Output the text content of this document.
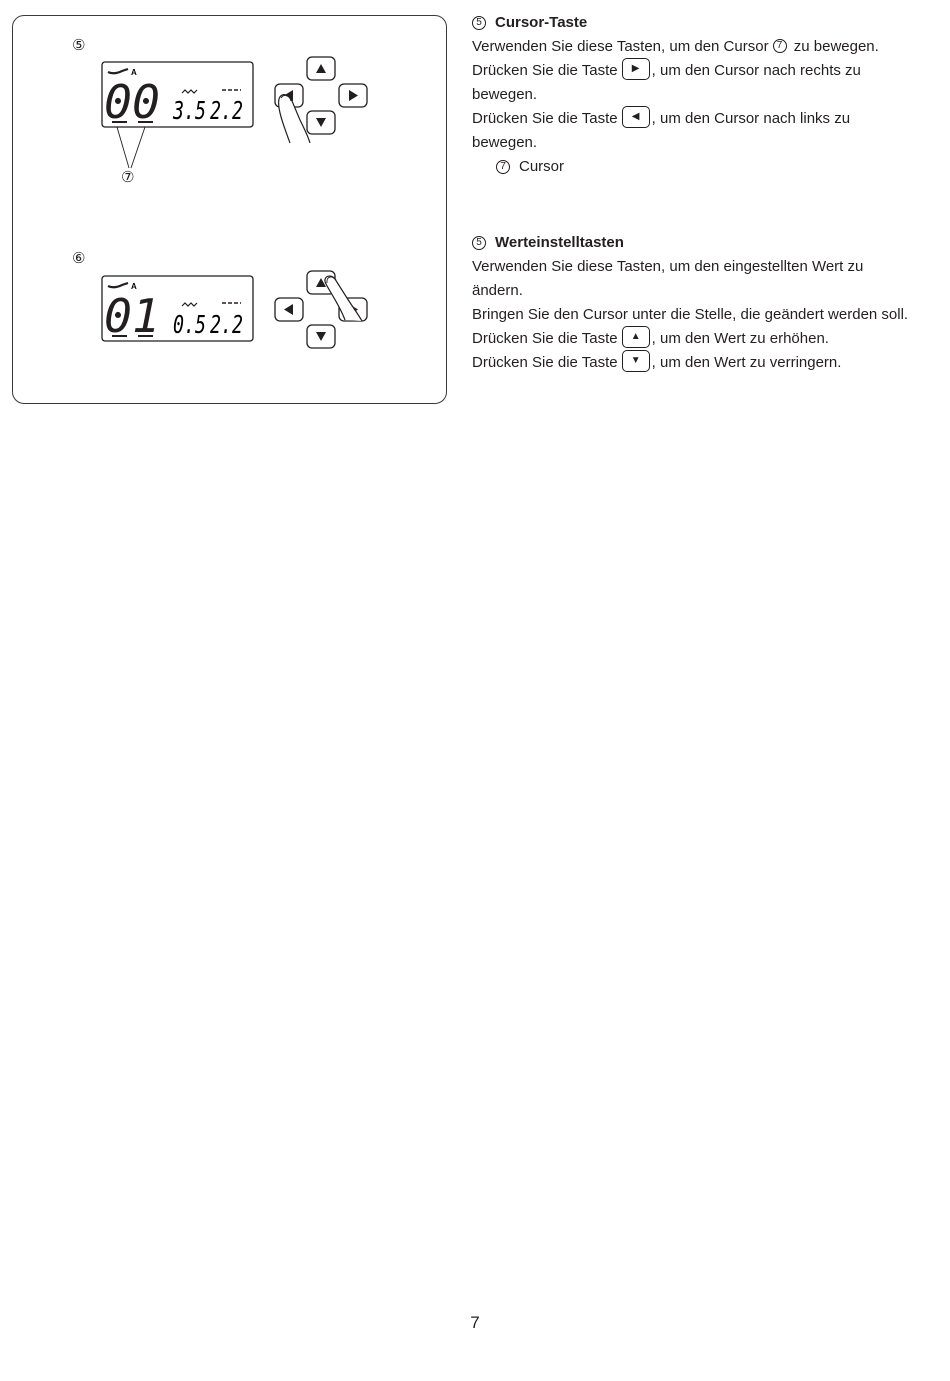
⑤
⑥
⑦
A
00 3.5 2.2
A
01 0.5 2.2
5 Cursor-Taste
Verwenden Sie diese Tasten, um den Cursor 7 zu bewegen.
Drücken Sie die Taste ▶ , um den Cursor nach rechts zu bewegen.
Drücken Sie die Taste ◀ , um den Cursor nach links zu bewegen.
7 Cursor
5 Werteinstelltasten
Verwenden Sie diese Tasten, um den eingestellten Wert zu ändern.
Bringen Sie den Cursor unter die Stelle, die geändert werden soll.
Drücken Sie die Taste ▲ , um den Wert zu erhöhen.
Drücken Sie die Taste ▼ , um den Wert zu verringern.
7
